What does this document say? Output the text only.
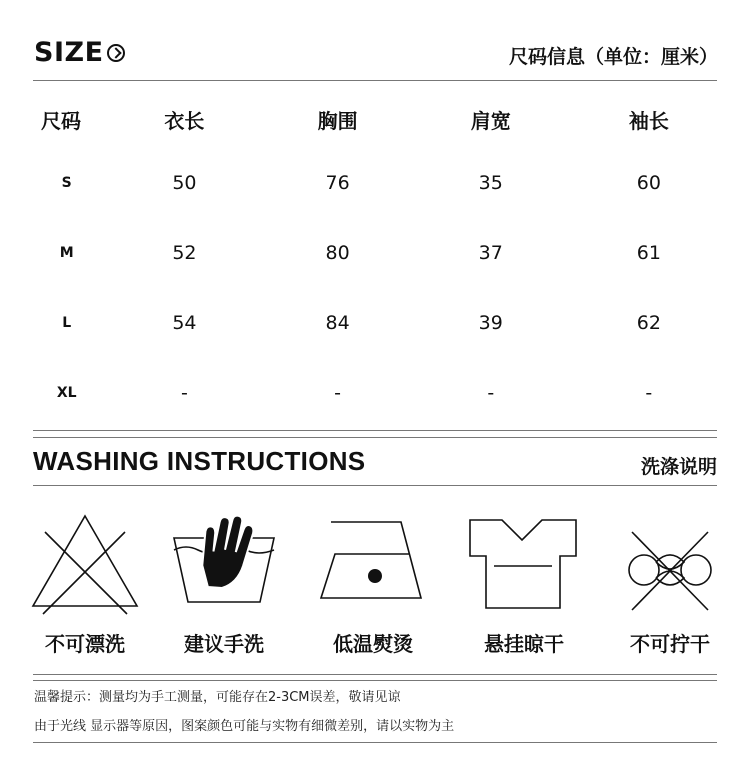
SIZE	尺码信息（单位：厘米）
尺码	衣长	胸围	肩宽	袖长
S	50	76	35	60
M	52	80	37	61
L	54	84	39	62
XL	-	-	-	-
WASHING INSTRUCTIONS	洗涤说明
不可漂洗	建议手洗	低温熨烫	悬挂晾干	不可拧干
温馨提示：测量均为手工测量，可能存在2-3CM误差，敬请见谅
由于光线 显示器等原因，图案颜色可能与实物有细微差别，请以实物为主
